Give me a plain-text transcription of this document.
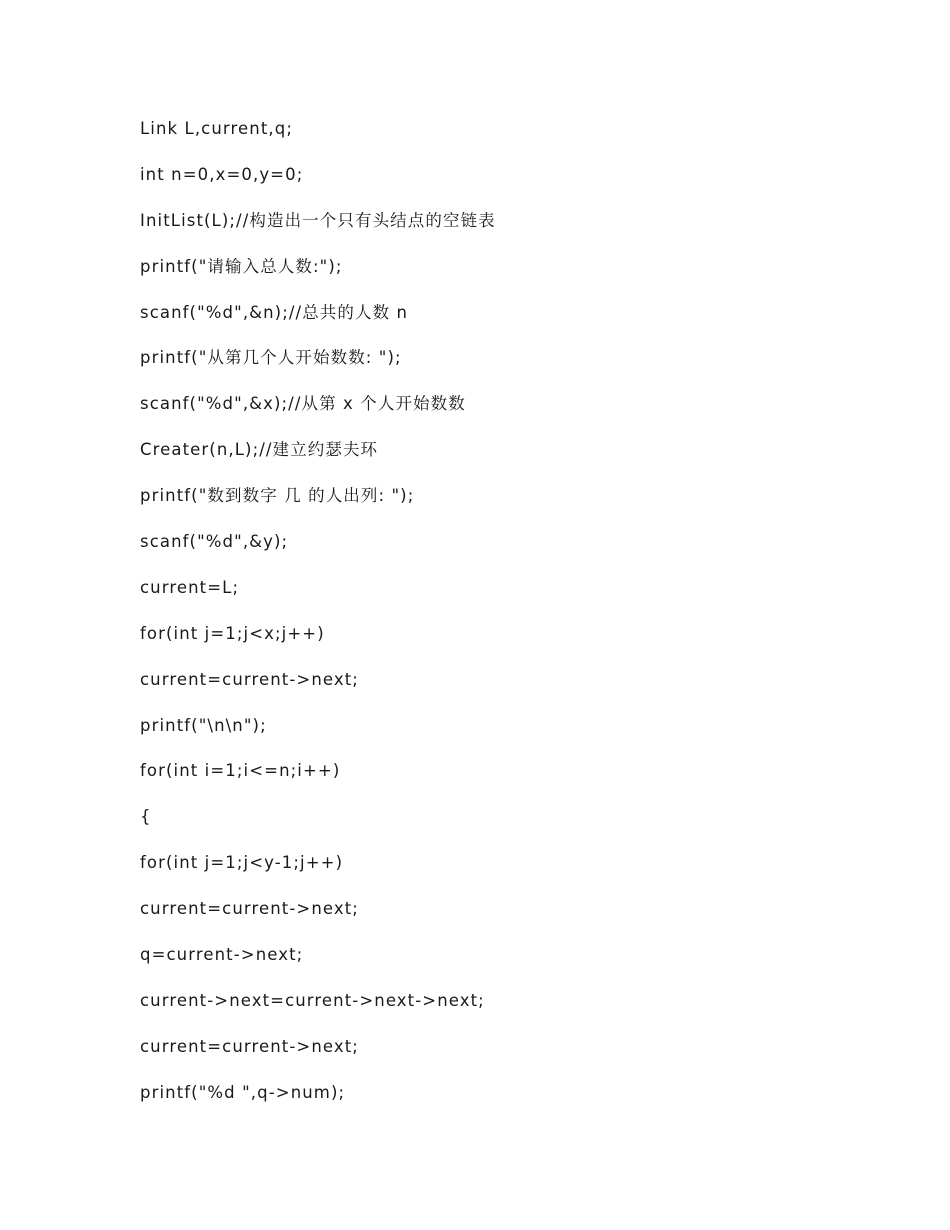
Link L,current,q;
int n=0,x=0,y=0;
InitList(L);//构造出一个只有头结点的空链表
printf("请输入总人数:");
scanf("%d",&n);//总共的人数 n
printf("从第几个人开始数数: ");
scanf("%d",&x);//从第 x 个人开始数数
Creater(n,L);//建立约瑟夫环
printf("数到数字 几 的人出列: ");
scanf("%d",&y);
current=L;
for(int j=1;j<x;j++)
current=current->next;
printf("\n\n");
for(int i=1;i<=n;i++)
{
for(int j=1;j<y-1;j++)
current=current->next;
q=current->next;
current->next=current->next->next;
current=current->next;
printf("%d ",q->num);
